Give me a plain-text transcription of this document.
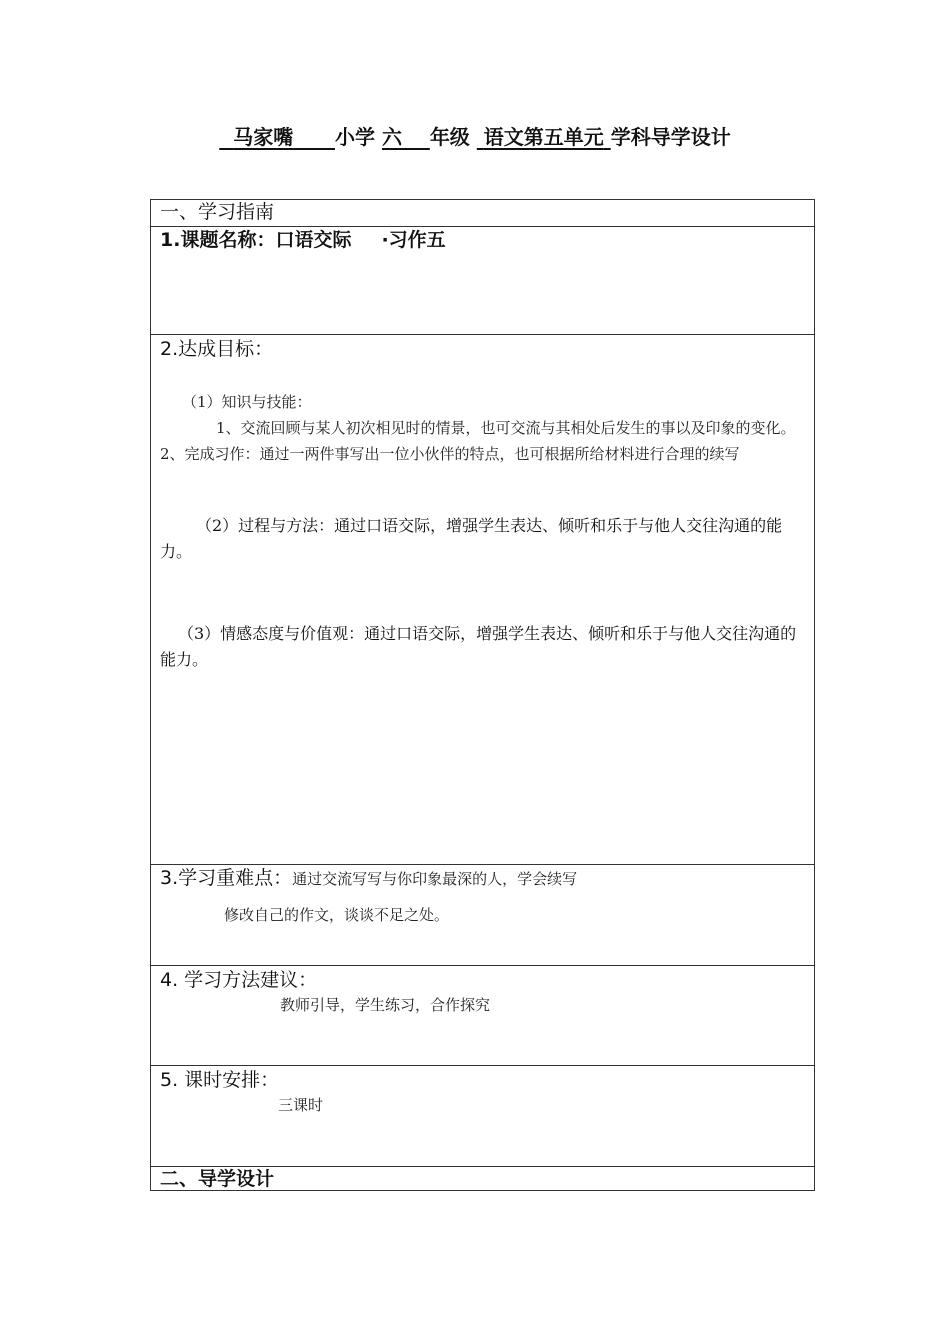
马家嘴 小学 六 年级 语文第五单元 学科导学设计
一、学习指南
1.课题名称：口语交际 ·习作五
2.达成目标：
（1）知识与技能：
1、交流回顾与某人初次相见时的情景，也可交流与其相处后发生的事以及印象的变化。2、完成习作：通过一两件事写出一位小伙伴的特点，也可根据所给材料进行合理的续写
（2）过程与方法：通过口语交际，增强学生表达、倾听和乐于与他人交往沟通的能力。
（3）情感态度与价值观：通过口语交际，增强学生表达、倾听和乐于与他人交往沟通的能力。
3.学习重难点：通过交流写写与你印象最深的人，学会续写
修改自己的作文，谈谈不足之处。
4. 学习方法建议：
教师引导，学生练习，合作探究
5. 课时安排：
三课时
二、导学设计
